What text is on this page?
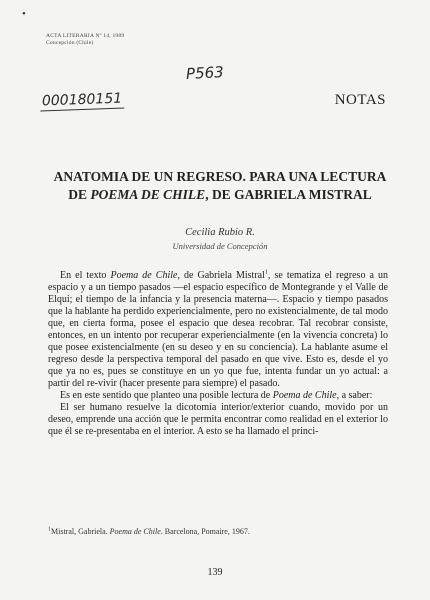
•
ACTA LITERARIA Nº 14, 1989
Concepción (Chile)
P563
000180151	NOTAS
ANATOMIA DE UN REGRESO. PARA UNA LECTURA
DE POEMA DE CHILE, DE GABRIELA MISTRAL
Cecilia Rubio R.
Universidad de Concepción

En el texto Poema de Chile, de Gabriela Mistral$^1$, se tematiza el regreso a un espacio y a un tiempo pasados —el espacio específico de Montegrande y el Valle de Elqui; el tiempo de la infancia y la presencia materna—. Espacio y tiempo pasados que la hablante ha perdido experiencialmente, pero no existencialmente, de tal modo que, en cierta forma, posee el espacio que desea recobrar. Tal recobrar consiste, entonces, en un intento por recuperar experiencialmente (en la vivencia concreta) lo que posee existencialmente (en su deseo y en su conciencia). La hablante asume el regreso desde la perspectiva temporal del pasado en que vive. Esto es, desde el yo que ya no es, pues se constituye en un yo que fue, intenta fundar un yo actual: a partir del re-vivir (hacer presente para siempre) el pasado.

Es en este sentido que planteo una posible lectura de Poema de Chile, a saber:

El ser humano resuelve la dicotomía interior/exterior cuando, movido por un deseo, emprende una acción que le permita encontrar como realidad en el exterior lo que él se re-presentaba en el interior. A esto se ha llamado el princi-

$^1$Mistral, Gabriela. Poema de Chile. Barcelona, Pomaire, 1967.
139
